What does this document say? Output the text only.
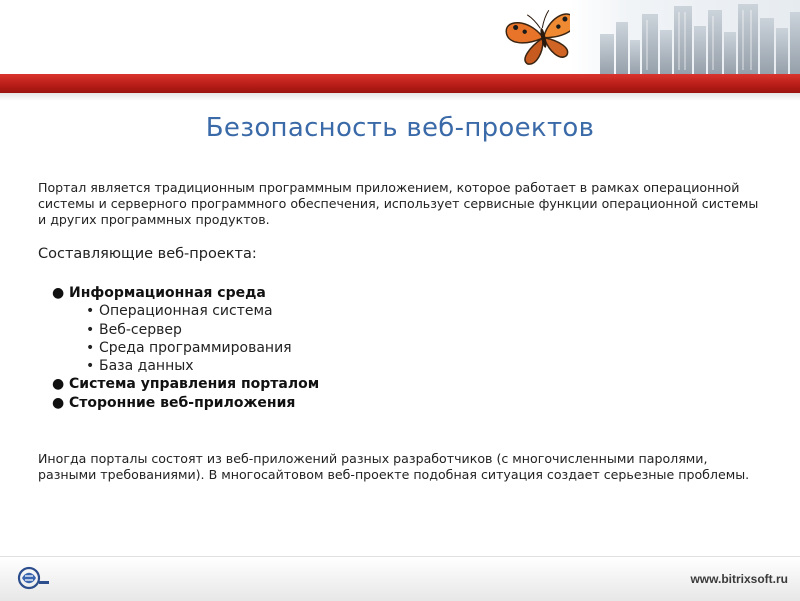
Безопасность веб-проектов
Портал является традиционным программным приложением, которое работает в рамках операционной системы и серверного программного обеспечения, использует сервисные функции операционной системы и других программных продуктов.
Составляющие веб-проекта:
● Информационная среда
• Операционная система
• Веб-сервер
• Среда программирования
• База данных
● Система управления порталом
● Сторонние веб-приложения
Иногда порталы состоят из веб-приложений разных разработчиков (с многочисленными паролями, разными требованиями). В многосайтовом веб-проекте подобная ситуация создает серьезные проблемы.
www.bitrixsoft.ru
